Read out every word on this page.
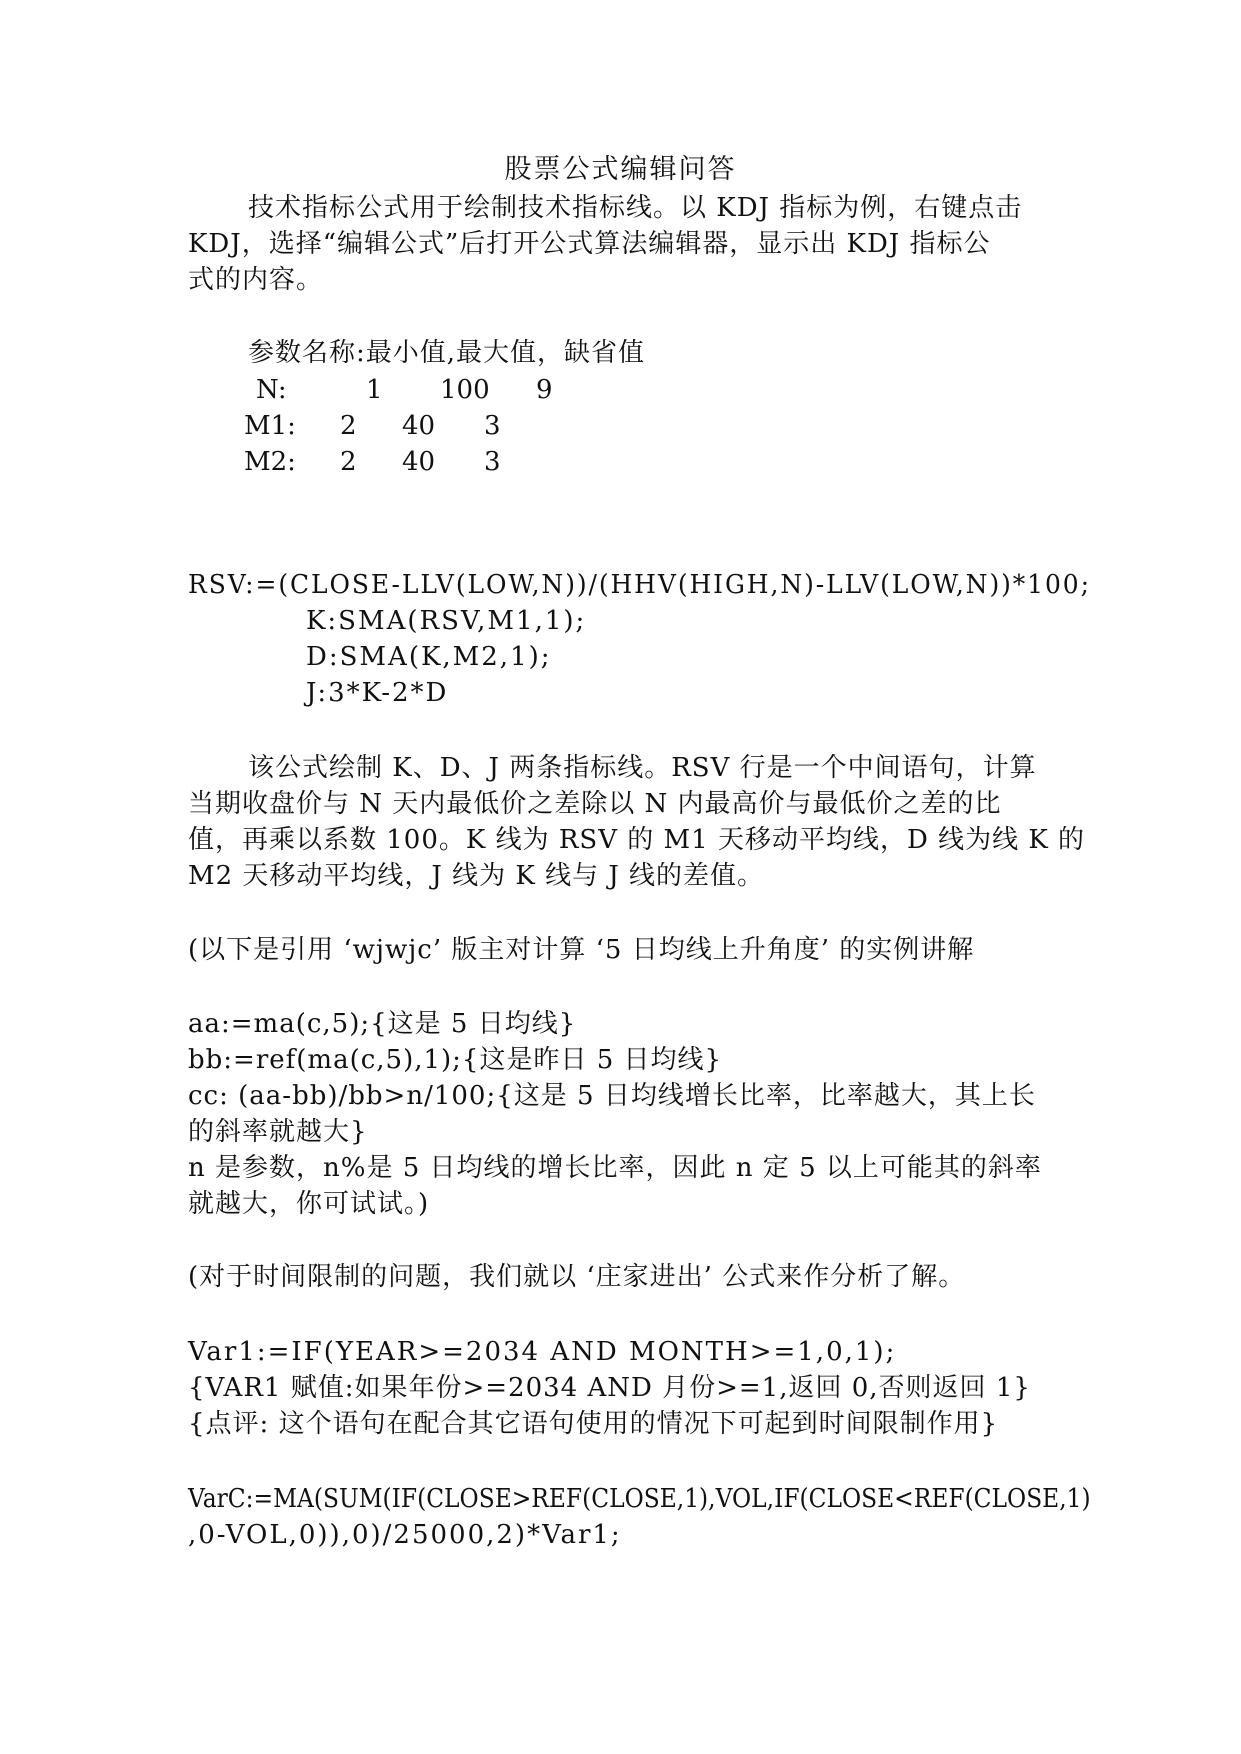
股票公式编辑问答
技术指标公式用于绘制技术指标线。以 KDJ 指标为例，右键点击
KDJ，选择“编辑公式”后打开公式算法编辑器，显示出 KDJ 指标公
式的内容。
参数名称:最小值,最大值，缺省值

N:

	1

100

9

M1:

2

40

3

M2:

2

40

3

RSV:=(CLOSE-LLV(LOW,N))/(HHV(HIGH,N)-LLV(LOW,N))*100;
K:SMA(RSV,M1,1);
D:SMA(K,M2,1);
J:3*K-2*D
该公式绘制 K、D、J 两条指标线。RSV 行是一个中间语句，计算
当期收盘价与 N 天内最低价之差除以 N 内最高价与最低价之差的比
值，再乘以系数 100。K 线为 RSV 的 M1 天移动平均线，D 线为线 K 的
M2 天移动平均线，J 线为 K 线与 J 线的差值。
(以下是引用 ‘wjwjc’ 版主对计算 ‘5 日均线上升角度’ 的实例讲解
aa:=ma(c,5);{这是 5 日均线}
bb:=ref(ma(c,5),1);{这是昨日 5 日均线}
cc: (aa-bb)/bb>n/100;{这是 5 日均线增长比率，比率越大，其上长
的斜率就越大}
n 是参数，n%是 5 日均线的增长比率，因此 n 定 5 以上可能其的斜率
就越大，你可试试。)
(对于时间限制的问题，我们就以 ‘庄家进出’ 公式来作分析了解。
Var1:=IF(YEAR>=2034 AND MONTH>=1,0,1);
{VAR1 赋值:如果年份>=2034 AND 月份>=1,返回 0,否则返回 1}
{点评: 这个语句在配合其它语句使用的情况下可起到时间限制作用}
VarC:=MA(SUM(IF(CLOSE>REF(CLOSE,1),VOL,IF(CLOSE<REF(CLOSE,1)
,0-VOL,0)),0)/25000,2)*Var1;
